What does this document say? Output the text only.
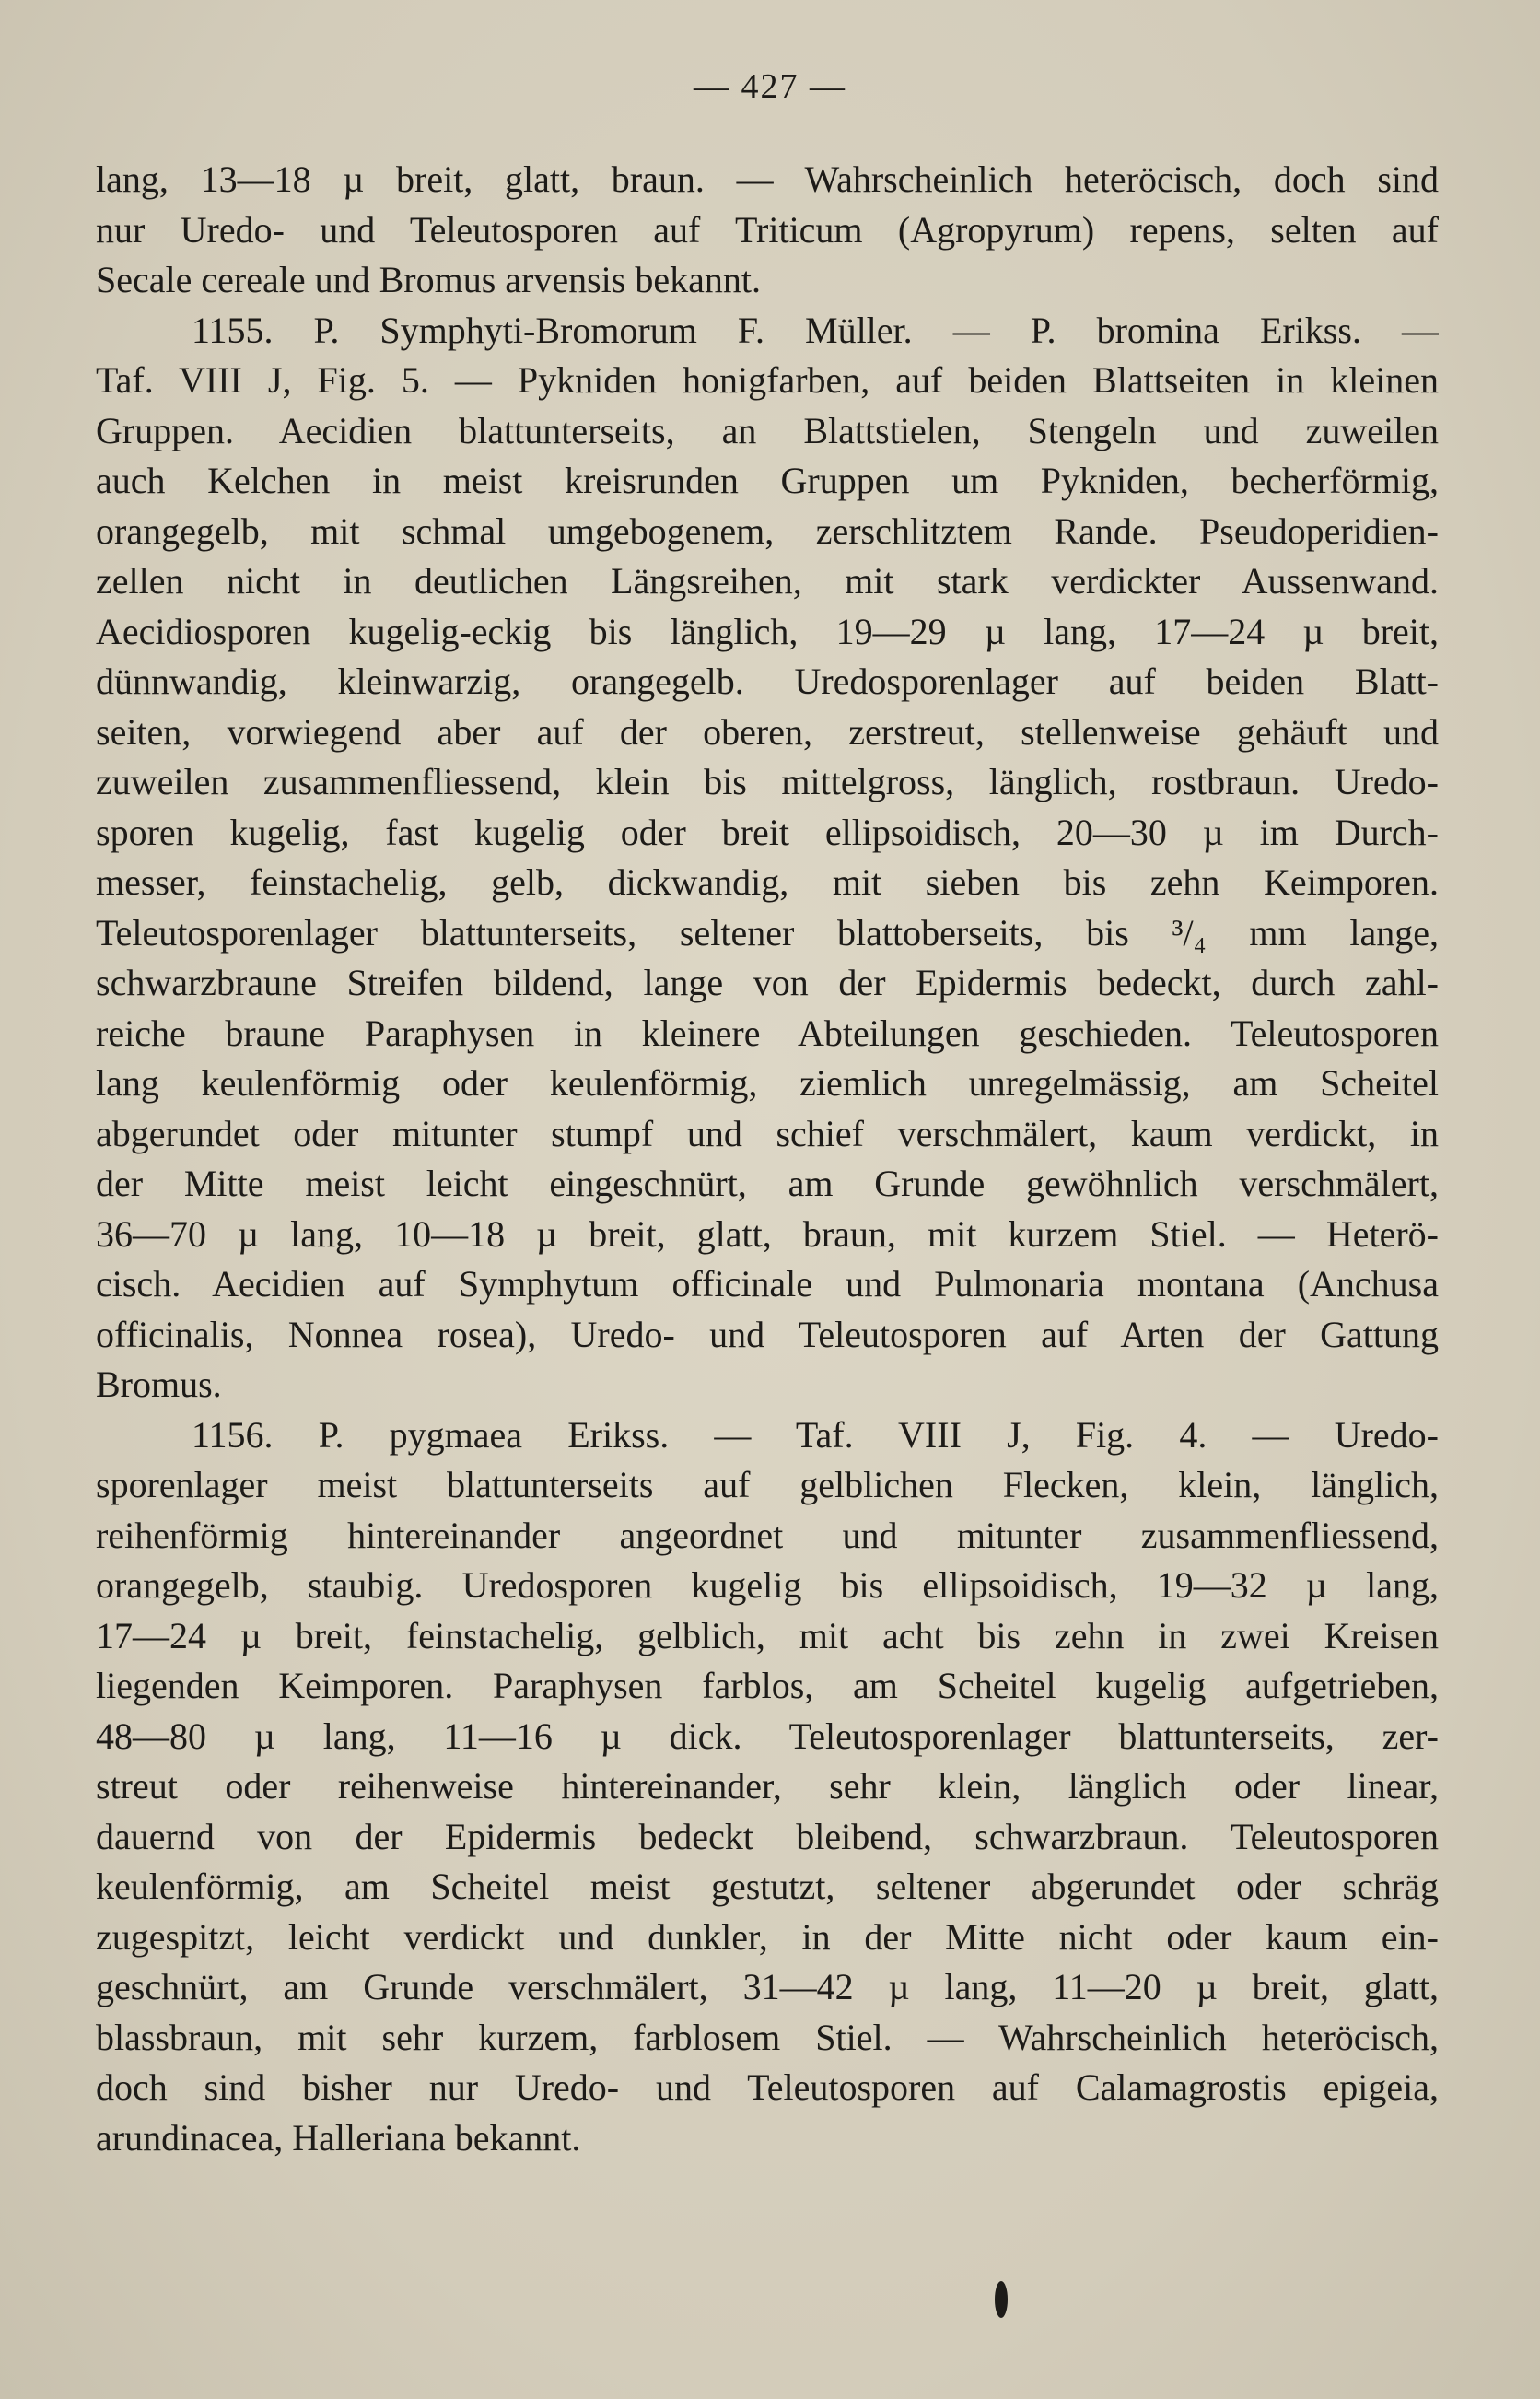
— 427 —
lang, 13—18 µ breit, glatt, braun. — Wahrscheinlich heteröcisch, doch sind
nur Uredo- und Teleutosporen auf Triticum (Agropyrum) repens, selten auf
Secale cereale und Bromus arvensis bekannt.
1155. P. Symphyti-Bromorum F. Müller. — P. bromina Erikss. —
Taf. VIII J, Fig. 5. — Pykniden honigfarben, auf beiden Blattseiten in kleinen
Gruppen. Aecidien blattunterseits, an Blattstielen, Stengeln und zuweilen
auch Kelchen in meist kreisrunden Gruppen um Pykniden, becherförmig,
orangegelb, mit schmal umgebogenem, zerschlitztem Rande. Pseudoperidien-
zellen nicht in deutlichen Längsreihen, mit stark verdickter Aussenwand.
Aecidiosporen kugelig-eckig bis länglich, 19—29 µ lang, 17—24 µ breit,
dünnwandig, kleinwarzig, orangegelb. Uredosporenlager auf beiden Blatt-
seiten, vorwiegend aber auf der oberen, zerstreut, stellenweise gehäuft und
zuweilen zusammenfliessend, klein bis mittelgross, länglich, rostbraun. Uredo-
sporen kugelig, fast kugelig oder breit ellipsoidisch, 20—30 µ im Durch-
messer, feinstachelig, gelb, dickwandig, mit sieben bis zehn Keimporen.
Teleutosporenlager blattunterseits, seltener blattoberseits, bis ³/₄ mm lange,
schwarzbraune Streifen bildend, lange von der Epidermis bedeckt, durch zahl-
reiche braune Paraphysen in kleinere Abteilungen geschieden. Teleutosporen
lang keulenförmig oder keulenförmig, ziemlich unregelmässig, am Scheitel
abgerundet oder mitunter stumpf und schief verschmälert, kaum verdickt, in
der Mitte meist leicht eingeschnürt, am Grunde gewöhnlich verschmälert,
36—70 µ lang, 10—18 µ breit, glatt, braun, mit kurzem Stiel. — Heterö-
cisch. Aecidien auf Symphytum officinale und Pulmonaria montana (Anchusa
officinalis, Nonnea rosea), Uredo- und Teleutosporen auf Arten der Gattung
Bromus.
1156. P. pygmaea Erikss. — Taf. VIII J, Fig. 4. — Uredo-
sporenlager meist blattunterseits auf gelblichen Flecken, klein, länglich,
reihenförmig hintereinander angeordnet und mitunter zusammenfliessend,
orangegelb, staubig. Uredosporen kugelig bis ellipsoidisch, 19—32 µ lang,
17—24 µ breit, feinstachelig, gelblich, mit acht bis zehn in zwei Kreisen
liegenden Keimporen. Paraphysen farblos, am Scheitel kugelig aufgetrieben,
48—80 µ lang, 11—16 µ dick. Teleutosporenlager blattunterseits, zer-
streut oder reihenweise hintereinander, sehr klein, länglich oder linear,
dauernd von der Epidermis bedeckt bleibend, schwarzbraun. Teleutosporen
keulenförmig, am Scheitel meist gestutzt, seltener abgerundet oder schräg
zugespitzt, leicht verdickt und dunkler, in der Mitte nicht oder kaum ein-
geschnürt, am Grunde verschmälert, 31—42 µ lang, 11—20 µ breit, glatt,
blassbraun, mit sehr kurzem, farblosem Stiel. — Wahrscheinlich heteröcisch,
doch sind bisher nur Uredo- und Teleutosporen auf Calamagrostis epigeia,
arundinacea, Halleriana bekannt.
